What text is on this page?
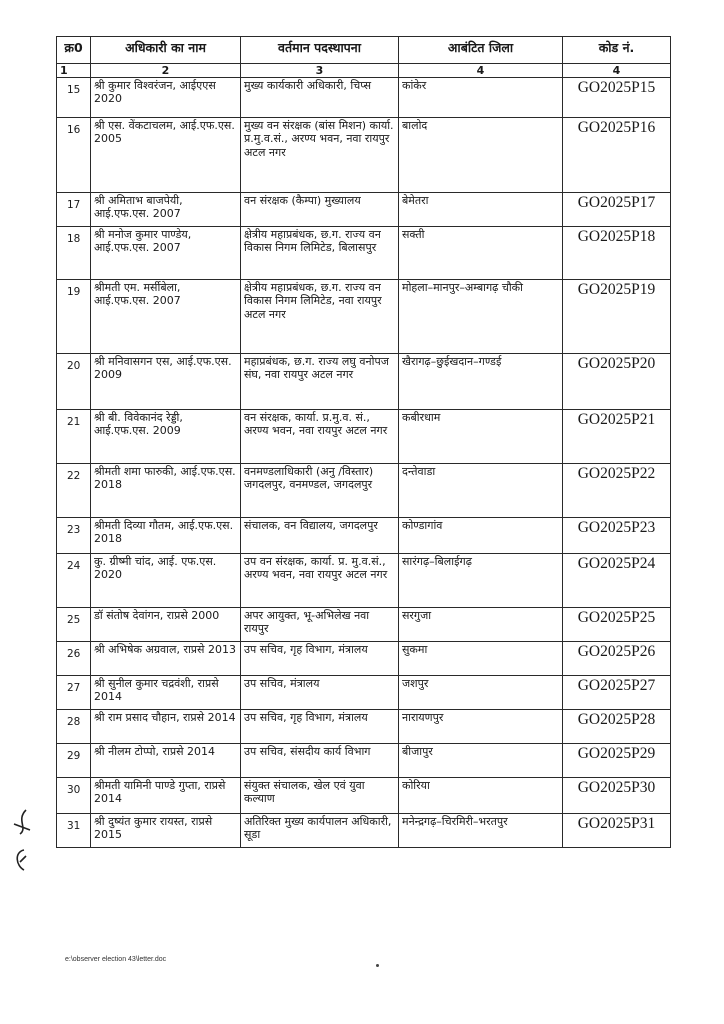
क्र0	अधिकारी का नाम	वर्तमान पदस्थापना	आबंटित जिला	कोड नं.
1	2	3	4	4
15	श्री कुमार विश्वरंजन, आईएएस 2020	मुख्य कार्यकारी अधिकारी, चिप्स	कांकेर	GO2025P15
16	श्री एस. वेंकटाचलम, आई.एफ.एस. 2005	मुख्य वन संरक्षक (बांस मिशन) कार्या. प्र.मु.व.सं., अरण्य भवन, नवा रायपुर अटल नगर	बालोद	GO2025P16
17	श्री अमिताभ बाजपेयी, आई.एफ.एस. 2007	वन संरक्षक (कैम्पा) मुख्यालय	बेमेतरा	GO2025P17
18	श्री मनोज कुमार पाण्डेय, आई.एफ.एस. 2007	क्षेत्रीय महाप्रबंधक, छ.ग. राज्य वन विकास निगम लिमिटेड, बिलासपुर	सक्ती	GO2025P18
19	श्रीमती एम. मर्सीबेला, आई.एफ.एस. 2007	क्षेत्रीय महाप्रबंधक, छ.ग. राज्य वन विकास निगम लिमिटेड, नवा रायपुर अटल नगर	मोहला–मानपुर–अम्बागढ़ चौकी	GO2025P19
20	श्री मनिवासगन एस, आई.एफ.एस. 2009	महाप्रबंधक, छ.ग. राज्य लघु वनोपज संघ, नवा रायपुर अटल नगर	खैरागढ़–छुईखदान–गण्डई	GO2025P20
21	श्री बी. विवेकानंद रेड्डी, आई.एफ.एस. 2009	वन संरक्षक, कार्या. प्र.मु.व. सं., अरण्य भवन, नवा रायपुर अटल नगर	कबीरधाम	GO2025P21
22	श्रीमती शमा फारुकी, आई.एफ.एस. 2018	वनमण्डलाधिकारी (अनु /विस्तार) जगदलपुर, वनमण्डल, जगदलपुर	दन्तेवाडा	GO2025P22
23	श्रीमती दिव्या गौतम, आई.एफ.एस. 2018	संचालक, वन विद्यालय, जगदलपुर	कोण्डागांव	GO2025P23
24	कु. ग्रीष्मी चांद, आई. एफ.एस. 2020	उप वन संरक्षक, कार्या. प्र. मु.व.सं., अरण्य भवन, नवा रायपुर अटल नगर	सारंगढ़–बिलाईगढ़	GO2025P24
25	डॉ संतोष देवांगन, राप्रसे 2000	अपर आयुक्त, भू-अभिलेख नवा रायपुर	सरगुजा	GO2025P25
26	श्री अभिषेक अग्रवाल, राप्रसे 2013	उप सचिव, गृह विभाग, मंत्रालय	सुकमा	GO2025P26
27	श्री सुनील कुमार चद्रवंशी, राप्रसे 2014	उप सचिव, मंत्रालय	जशपुर	GO2025P27
28	श्री राम प्रसाद चौहान, राप्रसे 2014	उप सचिव, गृह विभाग, मंत्रालय	नारायणपुर	GO2025P28
29	श्री नीलम टोप्पो, राप्रसे 2014	उप सचिव, संसदीय कार्य विभाग	बीजापुर	GO2025P29
30	श्रीमती यामिनी पाण्डे गुप्ता, राप्रसे 2014	संयुक्त संचालक, खेल एवं युवा कल्याण	कोरिया	GO2025P30
31	श्री दुष्यंत कुमार रायस्त, राप्रसे 2015	अतिरिक्त मुख्य कार्यपालन अधिकारी, सूडा	मनेन्द्रगढ़–चिरमिरी–भरतपुर	GO2025P31
e:\observer election 43\letter.doc
